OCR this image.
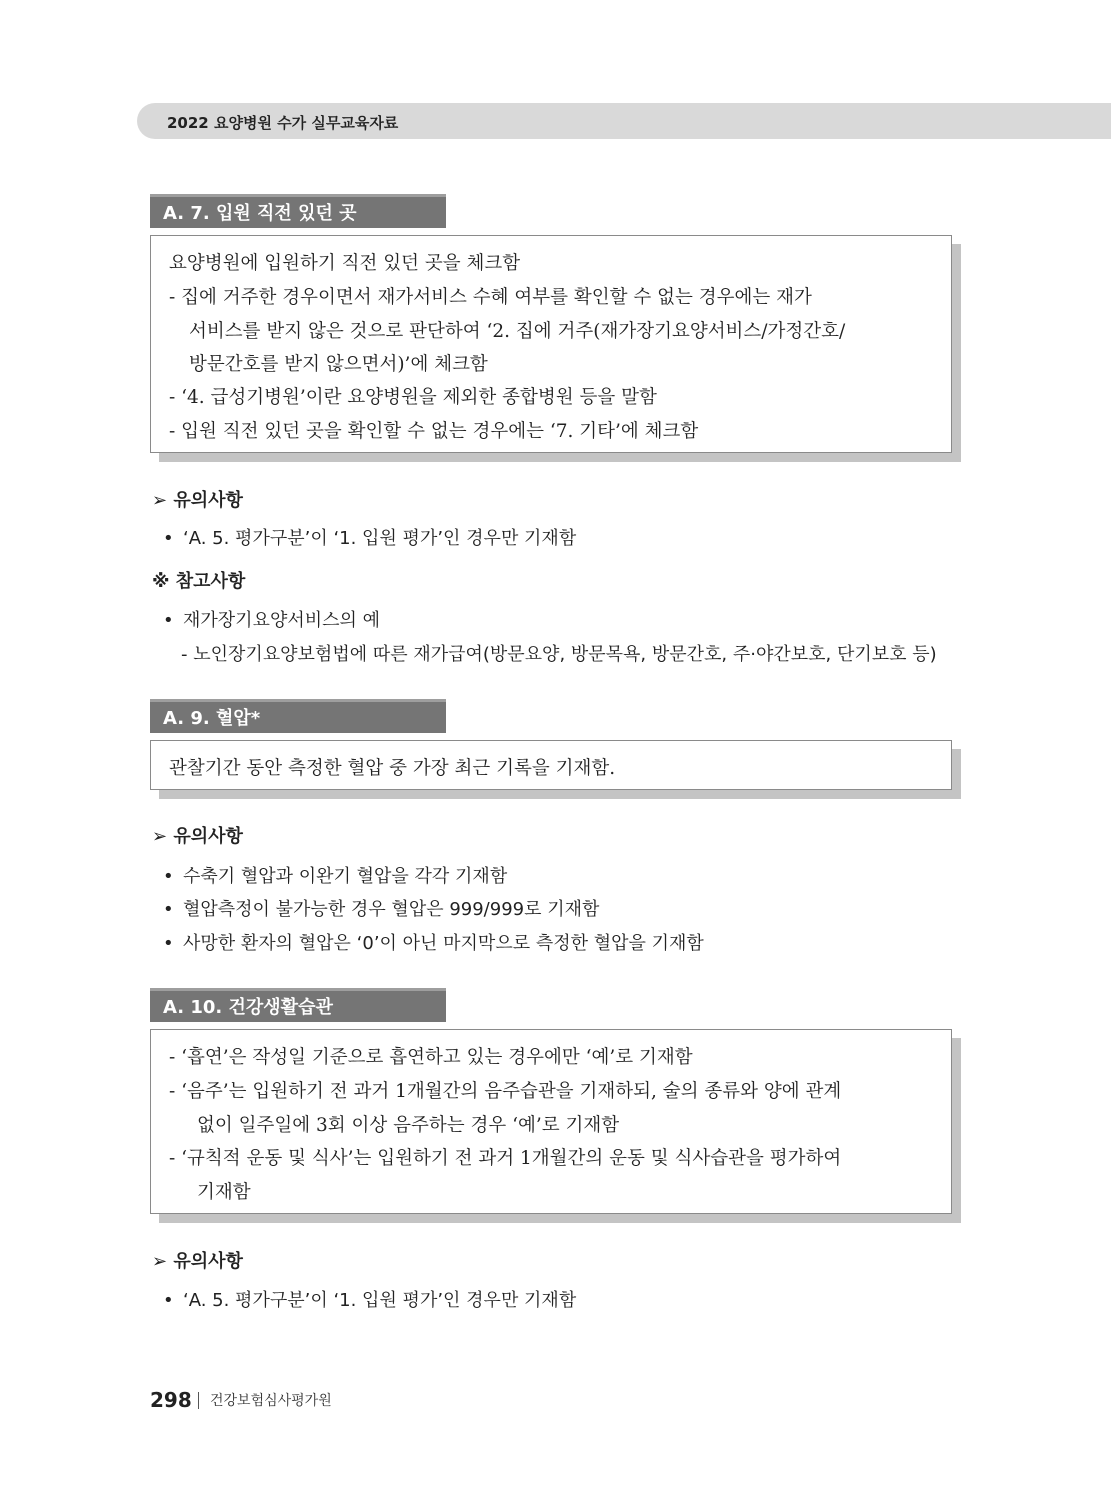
2022 요양병원 수가 실무교육자료
A. 7. 입원 직전 있던 곳
요양병원에 입원하기 직전 있던 곳을 체크함
- 집에 거주한 경우이면서 재가서비스 수혜 여부를 확인할 수 없는 경우에는 재가
서비스를 받지 않은 것으로 판단하여 ‘2. 집에 거주(재가장기요양서비스/가정간호/
방문간호를 받지 않으면서)’에 체크함
- ‘4. 급성기병원’이란 요양병원을 제외한 종합병원 등을 말함
- 입원 직전 있던 곳을 확인할 수 없는 경우에는 ‘7. 기타’에 체크함
➢ 유의사항
• ‘A. 5. 평가구분’이 ‘1. 입원 평가’인 경우만 기재함
※ 참고사항
• 재가장기요양서비스의 예
- 노인장기요양보험법에 따른 재가급여(방문요양, 방문목욕, 방문간호, 주·야간보호, 단기보호 등)
A. 9. 혈압*
관찰기간 동안 측정한 혈압 중 가장 최근 기록을 기재함.
➢ 유의사항
• 수축기 혈압과 이완기 혈압을 각각 기재함
• 혈압측정이 불가능한 경우 혈압은 999/999로 기재함
• 사망한 환자의 혈압은 ‘0’이 아닌 마지막으로 측정한 혈압을 기재함
A. 10. 건강생활습관
- ‘흡연’은 작성일 기준으로 흡연하고 있는 경우에만 ‘예’로 기재함
- ‘음주’는 입원하기 전 과거 1개월간의 음주습관을 기재하되, 술의 종류와 양에 관계
없이 일주일에 3회 이상 음주하는 경우 ‘예’로 기재함
- ‘규칙적 운동 및 식사’는 입원하기 전 과거 1개월간의 운동 및 식사습관을 평가하여
기재함
➢ 유의사항
• ‘A. 5. 평가구분’이 ‘1. 입원 평가’인 경우만 기재함
298 건강보험심사평가원
